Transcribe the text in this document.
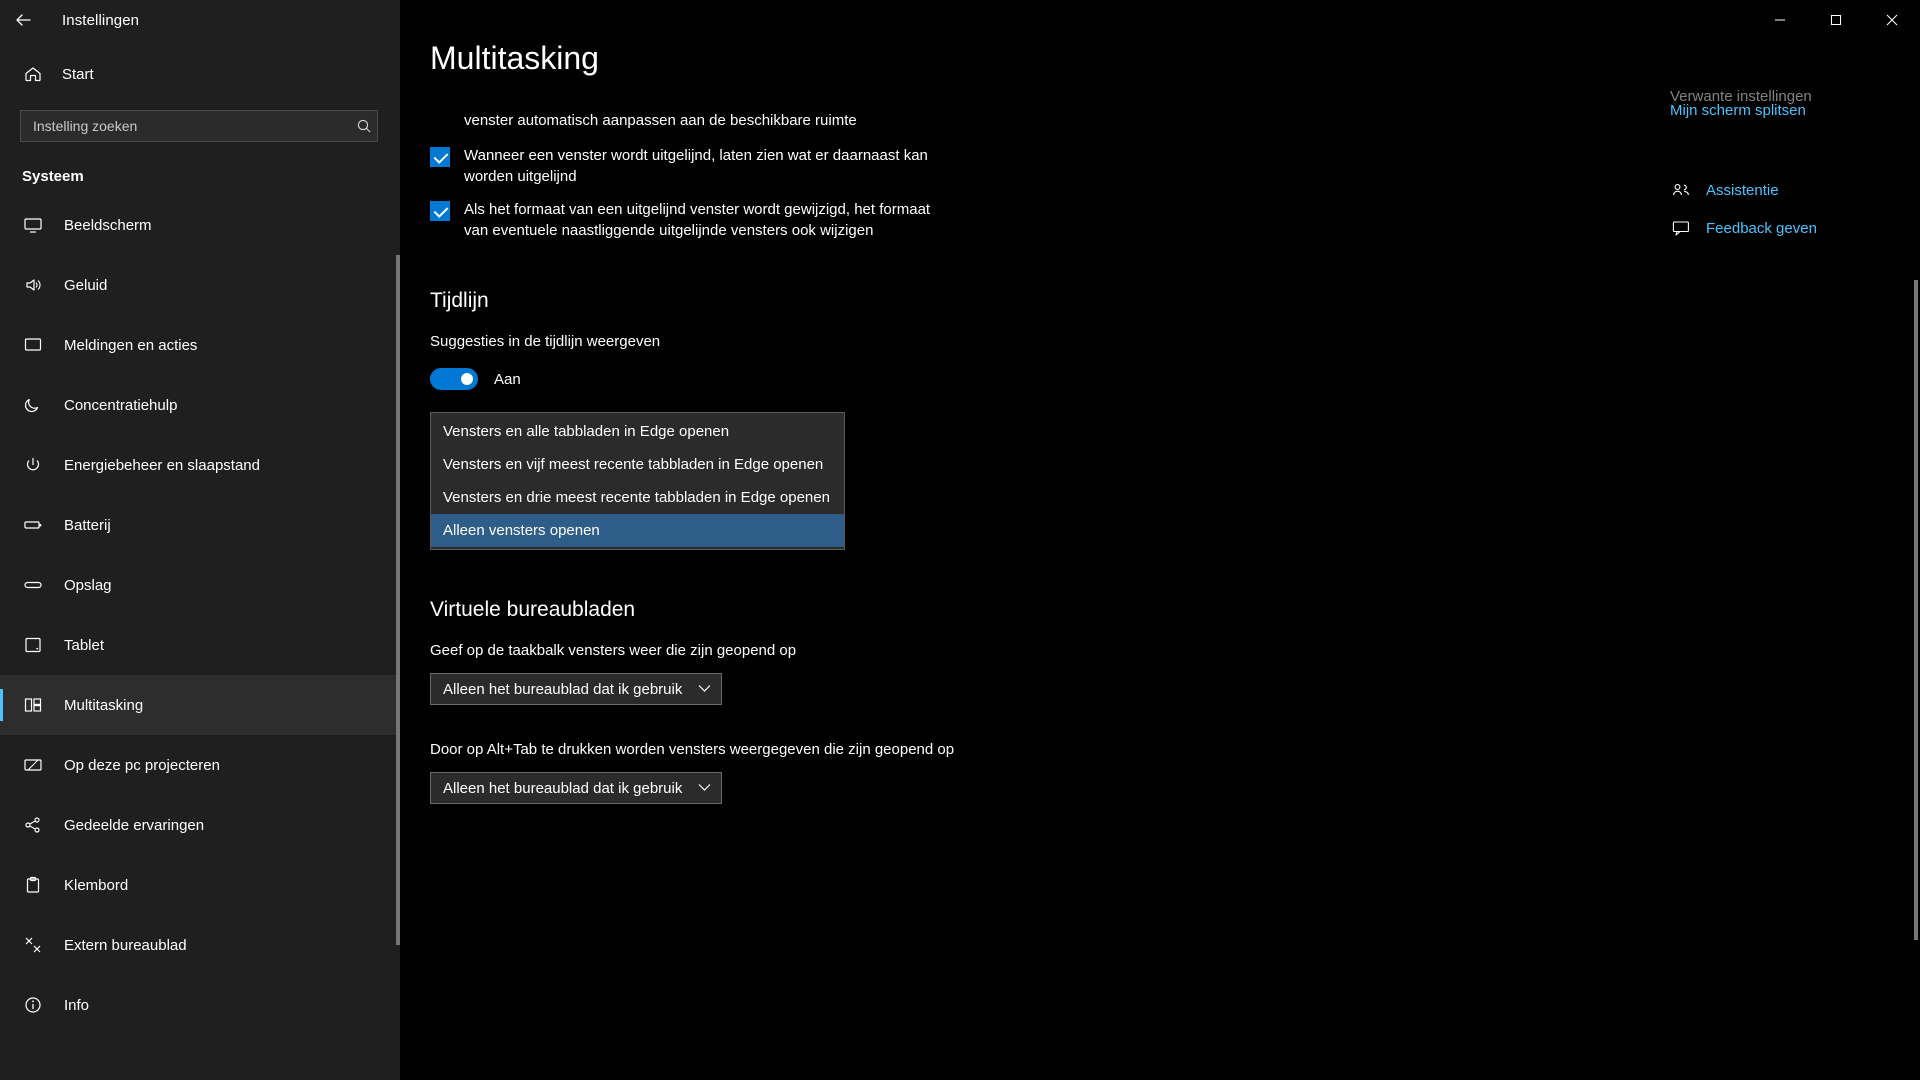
Instellingen
Start
Instelling zoeken
Systeem
Beeldscherm
Geluid
Meldingen en acties
Concentratiehulp
Energiebeheer en slaapstand
Batterij
Opslag
Tablet
Multitasking
Op deze pc projecteren
Gedeelde ervaringen
Klembord
Extern bureaublad
Info
Multitasking
venster automatisch aanpassen aan de beschikbare ruimte
Wanneer een venster wordt uitgelijnd, laten zien wat er daarnaast kan worden uitgelijnd
Als het formaat van een uitgelijnd venster wordt gewijzigd, het formaat van eventuele naastliggende uitgelijnde vensters ook wijzigen
Tijdlijn
Suggesties in de tijdlijn weergeven
Aan
Vensters en alle tabbladen in Edge openen
Vensters en vijf meest recente tabbladen in Edge openen
Vensters en drie meest recente tabbladen in Edge openen
Alleen vensters openen
Virtuele bureaubladen
Geef op de taakbalk vensters weer die zijn geopend op
Alleen het bureaublad dat ik gebruik
Door op Alt+Tab te drukken worden vensters weergegeven die zijn geopend op
Alleen het bureaublad dat ik gebruik
Verwante instellingen
Mijn scherm splitsen
Assistentie
Feedback geven
